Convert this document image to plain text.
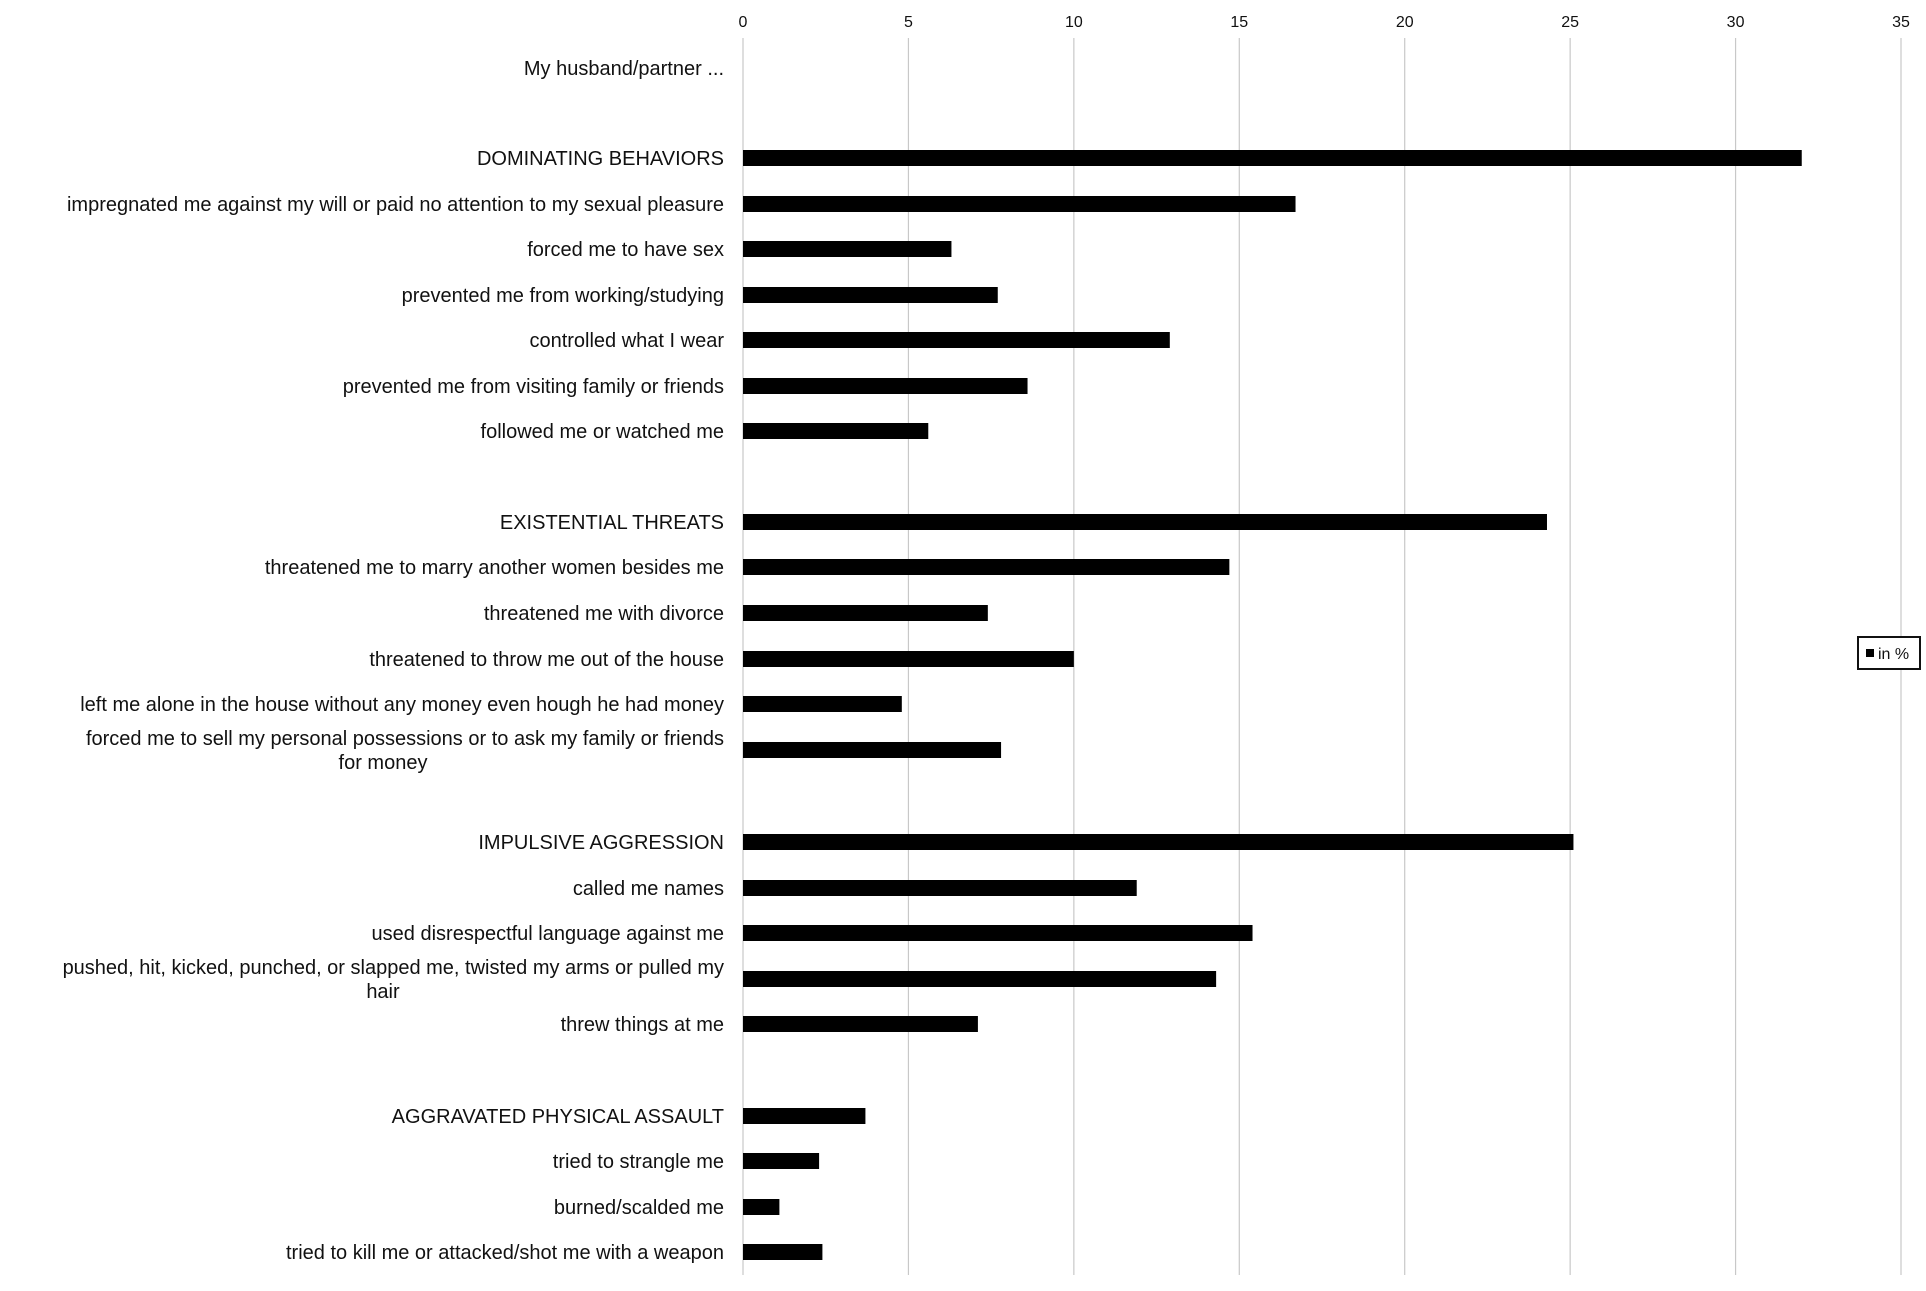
0	5	10	15	20	25	30	35
My husband/partner ...
DOMINATING BEHAVIORS
impregnated me against my will or paid no attention to my sexual pleasure
forced me to have sex
prevented me from working/studying
controlled what I wear
prevented me from visiting family or friends
followed me or watched me
EXISTENTIAL THREATS
threatened me to marry another women besides me
threatened me with divorce
threatened to throw me out of the house
left me alone in the house without any money even hough he had money
forced me to sell my personal possessions or to ask my family or friends for money
IMPULSIVE AGGRESSION
called me names
used disrespectful language against me
pushed, hit, kicked, punched, or slapped me, twisted my arms or pulled my hair
threw things at me
AGGRAVATED PHYSICAL ASSAULT
tried to strangle me
burned/scalded me
tried to kill me or attacked/shot me with a weapon
in %
